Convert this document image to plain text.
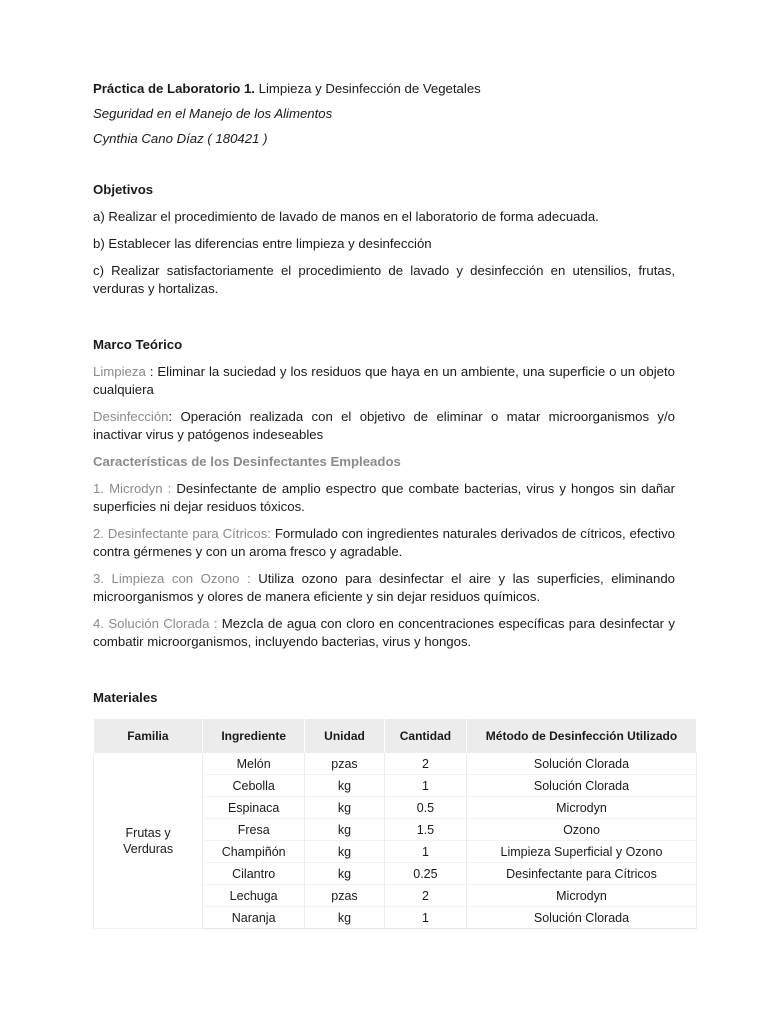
Práctica de Laboratorio 1. Limpieza y Desinfección de Vegetales

Seguridad en el Manejo de los Alimentos

Cynthia Cano Díaz ( 180421 )

Objetivos

a) Realizar el procedimiento de lavado de manos en el laboratorio de forma adecuada.

b) Establecer las diferencias entre limpieza y desinfección

c) Realizar satisfactoriamente el procedimiento de lavado y desinfección en utensilios, frutas, verduras y hortalizas.

Marco Teórico

Limpieza : Eliminar la suciedad y los residuos que haya en un ambiente, una superficie o un objeto cualquiera

Desinfección: Operación realizada con el objetivo de eliminar o matar microorganismos y/o inactivar virus y patógenos indeseables

Características de los Desinfectantes Empleados

1. Microdyn : Desinfectante de amplio espectro que combate bacterias, virus y hongos sin dañar superficies ni dejar residuos tóxicos.

2. Desinfectante para Cítricos: Formulado con ingredientes naturales derivados de cítricos, efectivo contra gérmenes y con un aroma fresco y agradable.

3. Limpieza con Ozono : Utiliza ozono para desinfectar el aire y las superficies, eliminando microorganismos y olores de manera eficiente y sin dejar residuos químicos.

4. Solución Clorada : Mezcla de agua con cloro en concentraciones específicas para desinfectar y combatir microorganismos, incluyendo bacterias, virus y hongos.

Materiales

Familia	Ingrediente	Unidad	Cantidad	Método de Desinfección Utilizado

Frutas y Verduras	Melón	pzas	2	Solución Clorada
	Cebolla	kg	1	Solución Clorada
	Espinaca	kg	0.5	Microdyn
	Fresa	kg	1.5	Ozono
	Champiñón	kg	1	Limpieza Superficial y Ozono
	Cilantro	kg	0.25	Desinfectante para Cítricos
	Lechuga	pzas	2	Microdyn
	Naranja	kg	1	Solución Clorada
